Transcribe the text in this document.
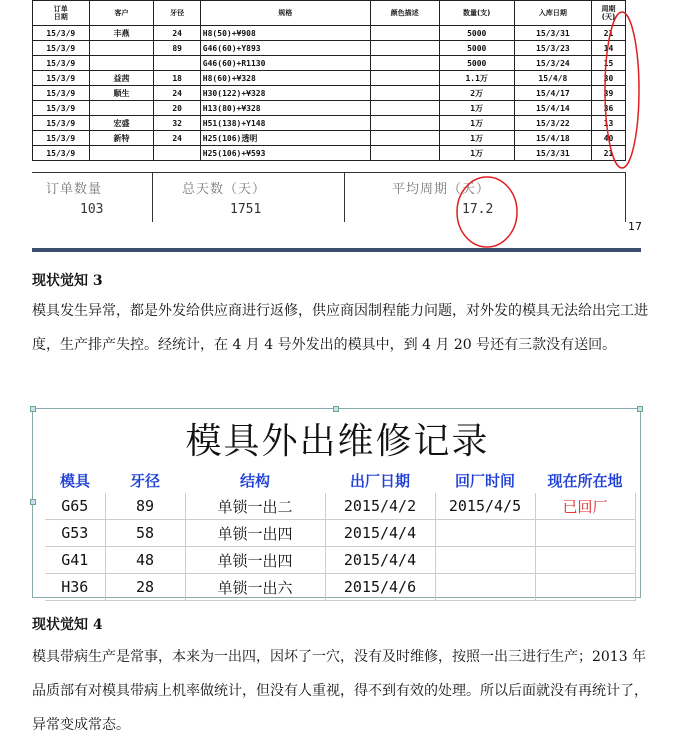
订单
日期	客户	牙径	规格	颜色描述	数量(支)	入库日期	周期
(天)
15/3/9	丰燕	24	H8(50)+¥908		5000	15/3/31	21
15/3/9		89	G46(60)+Y893		5000	15/3/23	14
15/3/9			G46(60)+R1130		5000	15/3/24	15
15/3/9	益茜	18	H8(60)+¥328		1.1万	15/4/8	30
15/3/9	顺生	24	H30(122)+¥328		2万	15/4/17	39
15/3/9		20	H13(80)+¥328		1万	15/4/14	36
15/3/9	宏盛	32	H51(138)+Y148		1万	15/3/22	13
15/3/9	新特	24	H25(106)透明		1万	15/4/18	40
15/3/9			H25(106)+¥593		1万	15/3/31	21
订单数量	总天数（天）	平均周期（天）
103	1751	17.2
17
现状觉知 3
模具发生异常，都是外发给供应商进行返修，供应商因制程能力问题，对外发的模具无法给出完工进度，生产排产失控。经统计，在 4 月 4 号外发出的模具中，到 4 月 20 号还有三款没有送回。
模具外出维修记录
模具	牙径	结构	出厂日期	回厂时间	现在所在地
G65	89	单锁一出二	2015/4/2	2015/4/5	已回厂
G53	58	单锁一出四	2015/4/4		
G41	48	单锁一出四	2015/4/4		
H36	28	单锁一出六	2015/4/6		
现状觉知 4
模具带病生产是常事，本来为一出四，因坏了一穴，没有及时维修，按照一出三进行生产；2013 年品质部有对模具带病上机率做统计，但没有人重视，得不到有效的处理。所以后面就没有再统计了，异常变成常态。
